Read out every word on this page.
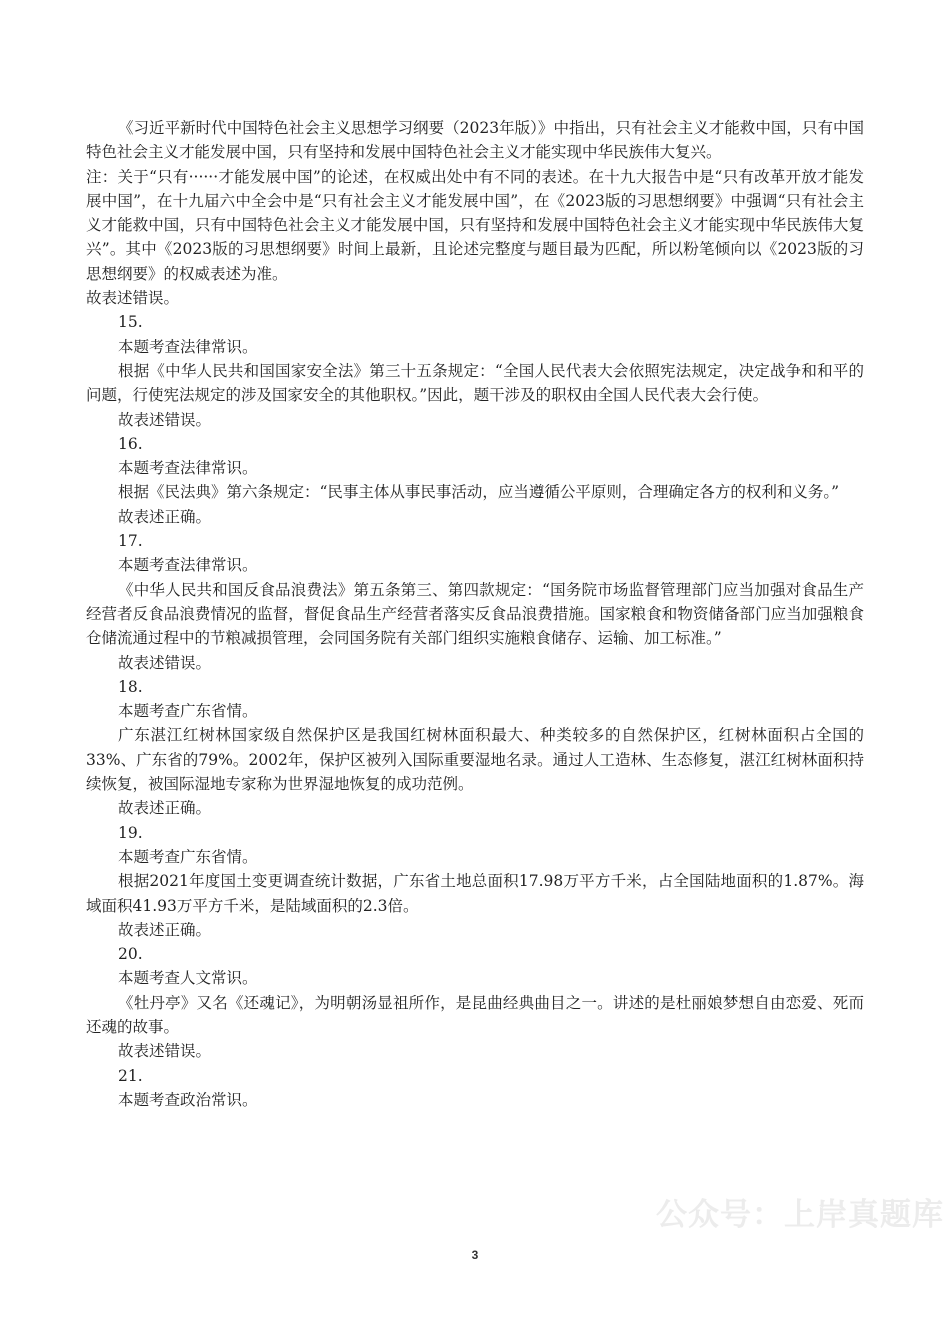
《习近平新时代中国特色社会主义思想学习纲要（2023年版）》中指出，只有社会主义才能救中国，只有中国特色社会主义才能发展中国，只有坚持和发展中国特色社会主义才能实现中华民族伟大复兴。

注：关于“只有······才能发展中国”的论述，在权威出处中有不同的表述。在十九大报告中是“只有改革开放才能发展中国”，在十九届六中全会中是“只有社会主义才能发展中国”，在《2023版的习思想纲要》中强调“只有社会主义才能救中国，只有中国特色社会主义才能发展中国，只有坚持和发展中国特色社会主义才能实现中华民族伟大复兴”。其中《2023版的习思想纲要》时间上最新，且论述完整度与题目最为匹配，所以粉笔倾向以《2023版的习思想纲要》的权威表述为准。

故表述错误。

15.

本题考查法律常识。

根据《中华人民共和国国家安全法》第三十五条规定：“全国人民代表大会依照宪法规定，决定战争和和平的问题，行使宪法规定的涉及国家安全的其他职权。”因此，题干涉及的职权由全国人民代表大会行使。

故表述错误。

16.

本题考查法律常识。

根据《民法典》第六条规定：“民事主体从事民事活动，应当遵循公平原则，合理确定各方的权利和义务。”

故表述正确。

17.

本题考查法律常识。

《中华人民共和国反食品浪费法》第五条第三、第四款规定：“国务院市场监督管理部门应当加强对食品生产经营者反食品浪费情况的监督，督促食品生产经营者落实反食品浪费措施。国家粮食和物资储备部门应当加强粮食仓储流通过程中的节粮减损管理，会同国务院有关部门组织实施粮食储存、运输、加工标准。”

故表述错误。

18.

本题考查广东省情。

广东湛江红树林国家级自然保护区是我国红树林面积最大、种类较多的自然保护区，红树林面积占全国的33%、广东省的79%。2002年，保护区被列入国际重要湿地名录。通过人工造林、生态修复，湛江红树林面积持续恢复，被国际湿地专家称为世界湿地恢复的成功范例。

故表述正确。

19.

本题考查广东省情。

根据2021年度国土变更调查统计数据，广东省土地总面积17.98万平方千米，占全国陆地面积的1.87%。海域面积41.93万平方千米，是陆域面积的2.3倍。

故表述正确。

20.

本题考查人文常识。

《牡丹亭》又名《还魂记》，为明朝汤显祖所作，是昆曲经典曲目之一。讲述的是杜丽娘梦想自由恋爱、死而还魂的故事。

故表述错误。

21.

本题考查政治常识。

公众号：上岸真题库
3
